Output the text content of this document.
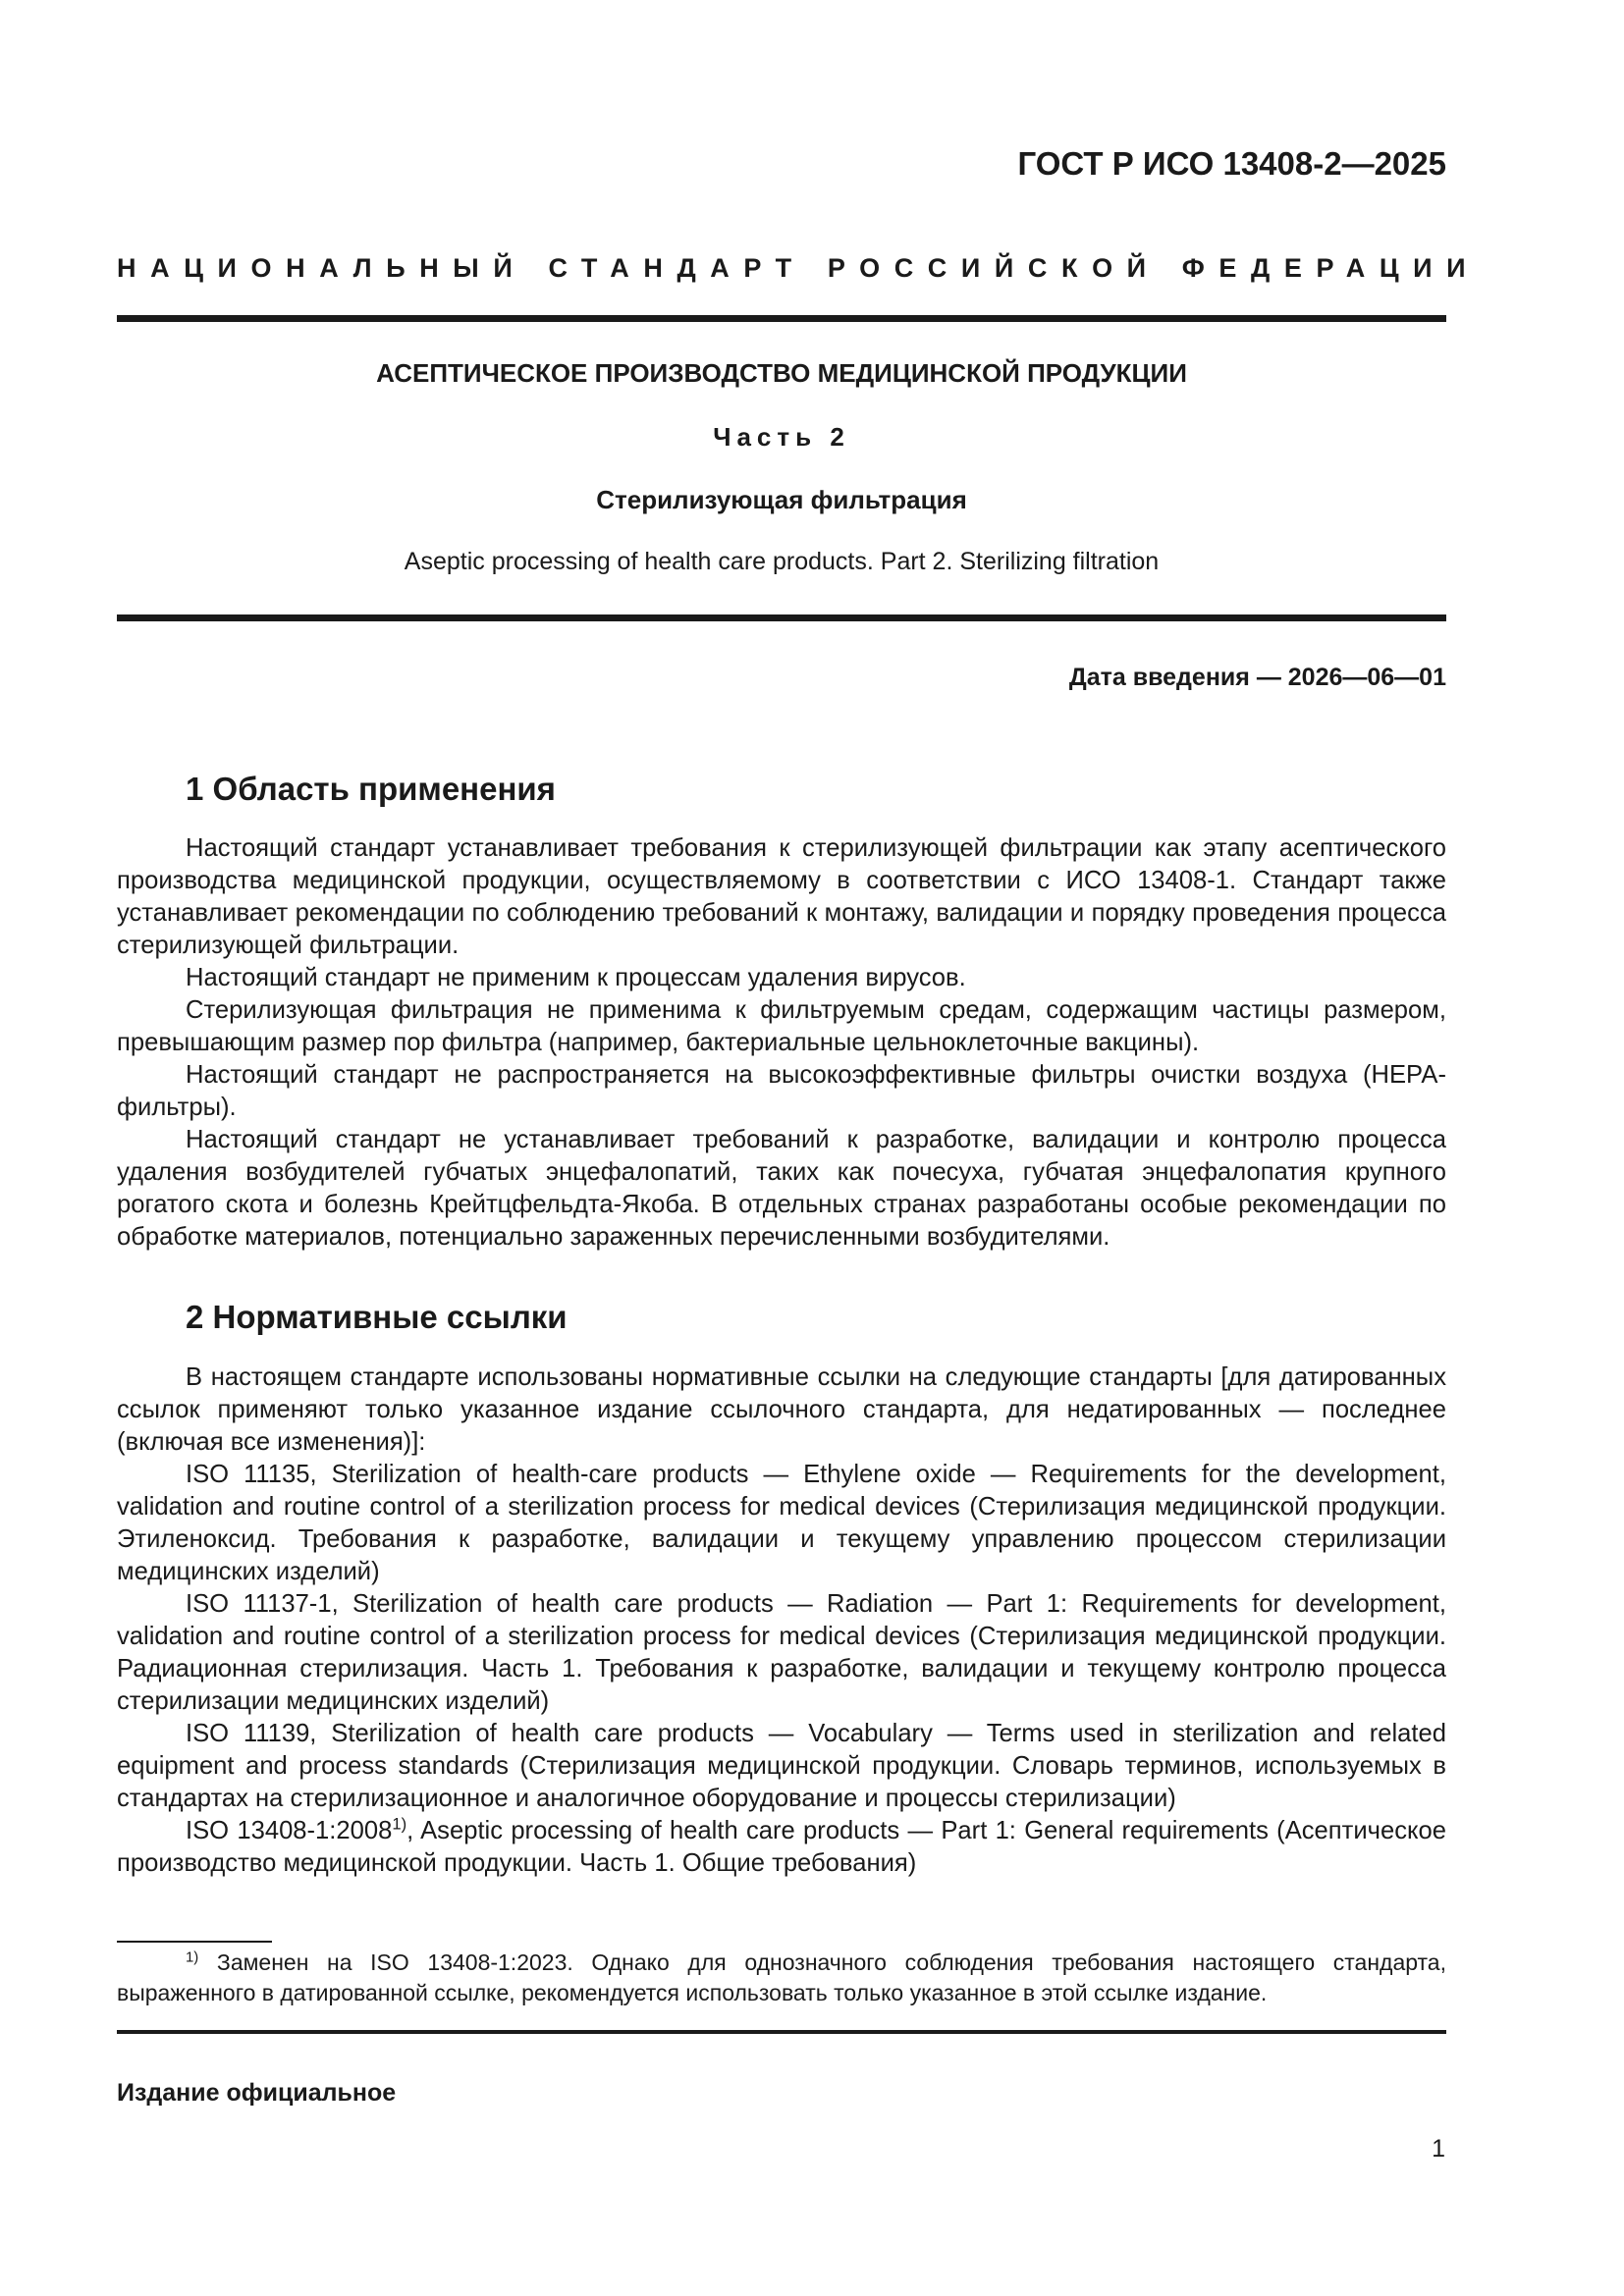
ГОСТ Р ИСО 13408-2—2025
НАЦИОНАЛЬНЫЙ СТАНДАРТ РОССИЙСКОЙ ФЕДЕРАЦИИ
АСЕПТИЧЕСКОЕ ПРОИЗВОДСТВО МЕДИЦИНСКОЙ ПРОДУКЦИИ
Часть 2
Стерилизующая фильтрация
Aseptic processing of health care products. Part 2. Sterilizing filtration
Дата введения — 2026—06—01
1 Область применения

Настоящий стандарт устанавливает требования к стерилизующей фильтрации как этапу асептического производства медицинской продукции, осуществляемому в соответствии с ИСО 13408-1. Стандарт также устанавливает рекомендации по соблюдению требований к монтажу, валидации и порядку проведения процесса стерилизующей фильтрации.

Настоящий стандарт не применим к процессам удаления вирусов.

Стерилизующая фильтрация не применима к фильтруемым средам, содержащим частицы размером, превышающим размер пор фильтра (например, бактериальные цельноклеточные вакцины).

Настоящий стандарт не распространяется на высокоэффективные фильтры очистки воздуха (НЕРА-фильтры).

Настоящий стандарт не устанавливает требований к разработке, валидации и контролю процесса удаления возбудителей губчатых энцефалопатий, таких как почесуха, губчатая энцефалопатия крупного рогатого скота и болезнь Крейтцфельдта-Якоба. В отдельных странах разработаны особые рекомендации по обработке материалов, потенциально зараженных перечисленными возбудителями.

2 Нормативные ссылки

В настоящем стандарте использованы нормативные ссылки на следующие стандарты [для датированных ссылок применяют только указанное издание ссылочного стандарта, для недатированных — последнее (включая все изменения)]:

ISO 11135, Sterilization of health-care products — Ethylene oxide — Requirements for the development, validation and routine control of a sterilization process for medical devices (Стерилизация медицинской продукции. Этиленоксид. Требования к разработке, валидации и текущему управлению процессом стерилизации медицинских изделий)

ISO 11137-1, Sterilization of health care products — Radiation — Part 1: Requirements for development, validation and routine control of a sterilization process for medical devices (Стерилизация медицинской продукции. Радиационная стерилизация. Часть 1. Требования к разработке, валидации и текущему контролю процесса стерилизации медицинских изделий)

ISO 11139, Sterilization of health care products — Vocabulary — Terms used in sterilization and related equipment and process standards (Стерилизация медицинской продукции. Словарь терминов, используемых в стандартах на стерилизационное и аналогичное оборудование и процессы стерилизации)

ISO 13408-1:2008$^{1)}$, Aseptic processing of health care products — Part 1: General requirements (Асептическое производство медицинской продукции. Часть 1. Общие требования)

$^{1)}$ Заменен на ISO 13408-1:2023. Однако для однозначного соблюдения требования настоящего стандарта, выраженного в датированной ссылке, рекомендуется использовать только указанное в этой ссылке издание.

Издание официальное
1
